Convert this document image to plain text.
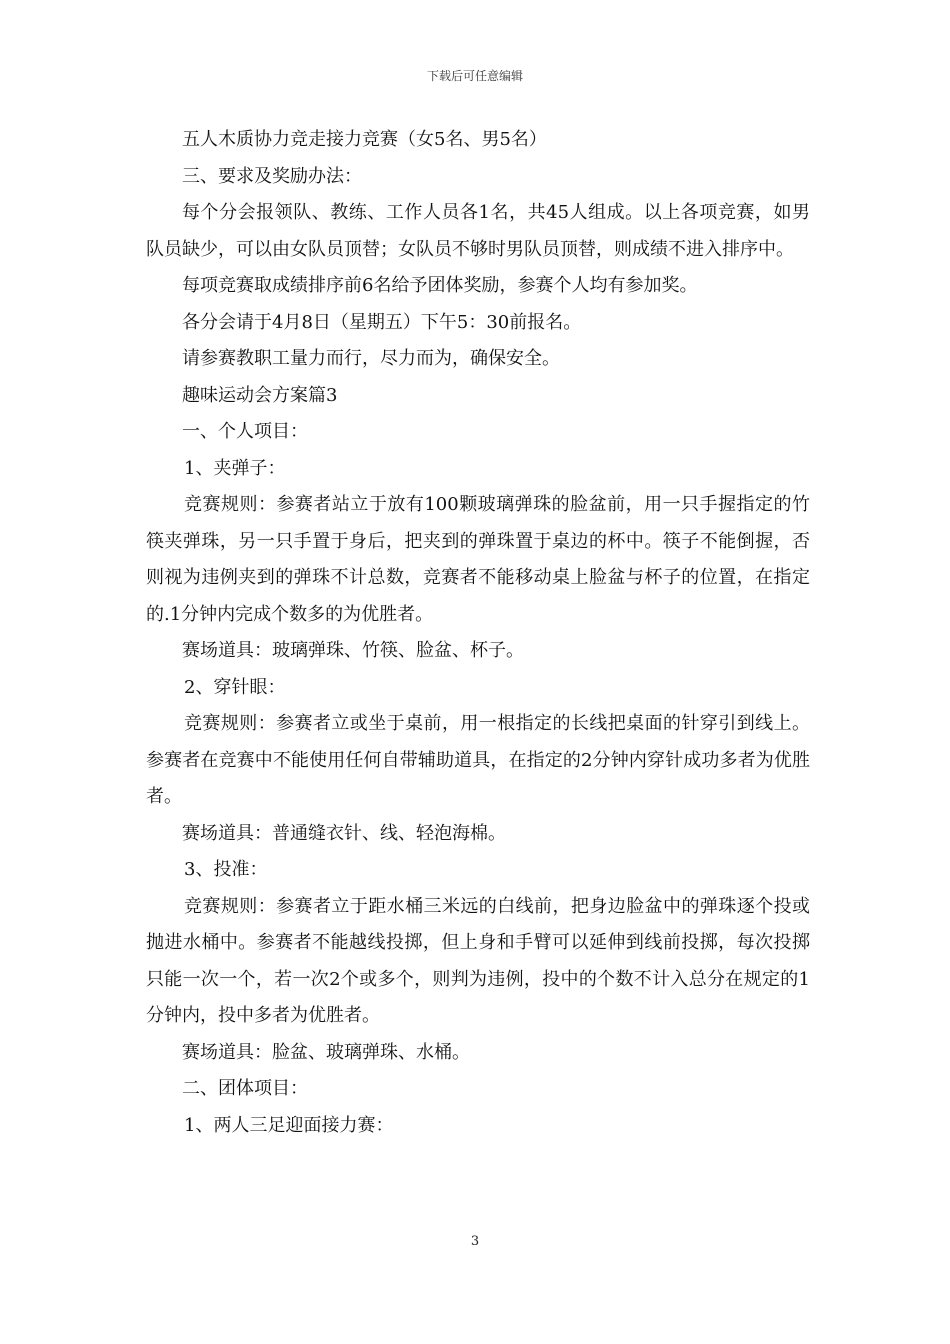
下载后可任意编辑

五人木质协力竞走接力竞赛（女5名、男5名）

三、要求及奖励办法：

每个分会报领队、教练、工作人员各1名，共45人组成。以上各项竞赛，如男队员缺少，可以由女队员顶替；女队员不够时男队员顶替，则成绩不进入排序中。

每项竞赛取成绩排序前6名给予团体奖励，参赛个人均有参加奖。

各分会请于4月8日（星期五）下午5：30前报名。

请参赛教职工量力而行，尽力而为，确保安全。

趣味运动会方案篇3

一、个人项目：

1、夹弹子：

竞赛规则：参赛者站立于放有100颗玻璃弹珠的脸盆前，用一只手握指定的竹筷夹弹珠，另一只手置于身后，把夹到的弹珠置于桌边的杯中。筷子不能倒握，否则视为违例夹到的弹珠不计总数，竞赛者不能移动桌上脸盆与杯子的位置，在指定的.1分钟内完成个数多的为优胜者。

赛场道具：玻璃弹珠、竹筷、脸盆、杯子。

2、穿针眼：

竞赛规则：参赛者立或坐于桌前，用一根指定的长线把桌面的针穿引到线上。参赛者在竞赛中不能使用任何自带辅助道具，在指定的2分钟内穿针成功多者为优胜者。

赛场道具：普通缝衣针、线、轻泡海棉。

3、投准：

竞赛规则：参赛者立于距水桶三米远的白线前，把身边脸盆中的弹珠逐个投或抛进水桶中。参赛者不能越线投掷，但上身和手臂可以延伸到线前投掷，每次投掷只能一次一个，若一次2个或多个，则判为违例，投中的个数不计入总分在规定的1分钟内，投中多者为优胜者。

赛场道具：脸盆、玻璃弹珠、水桶。

二、团体项目：

1、两人三足迎面接力赛：

3
